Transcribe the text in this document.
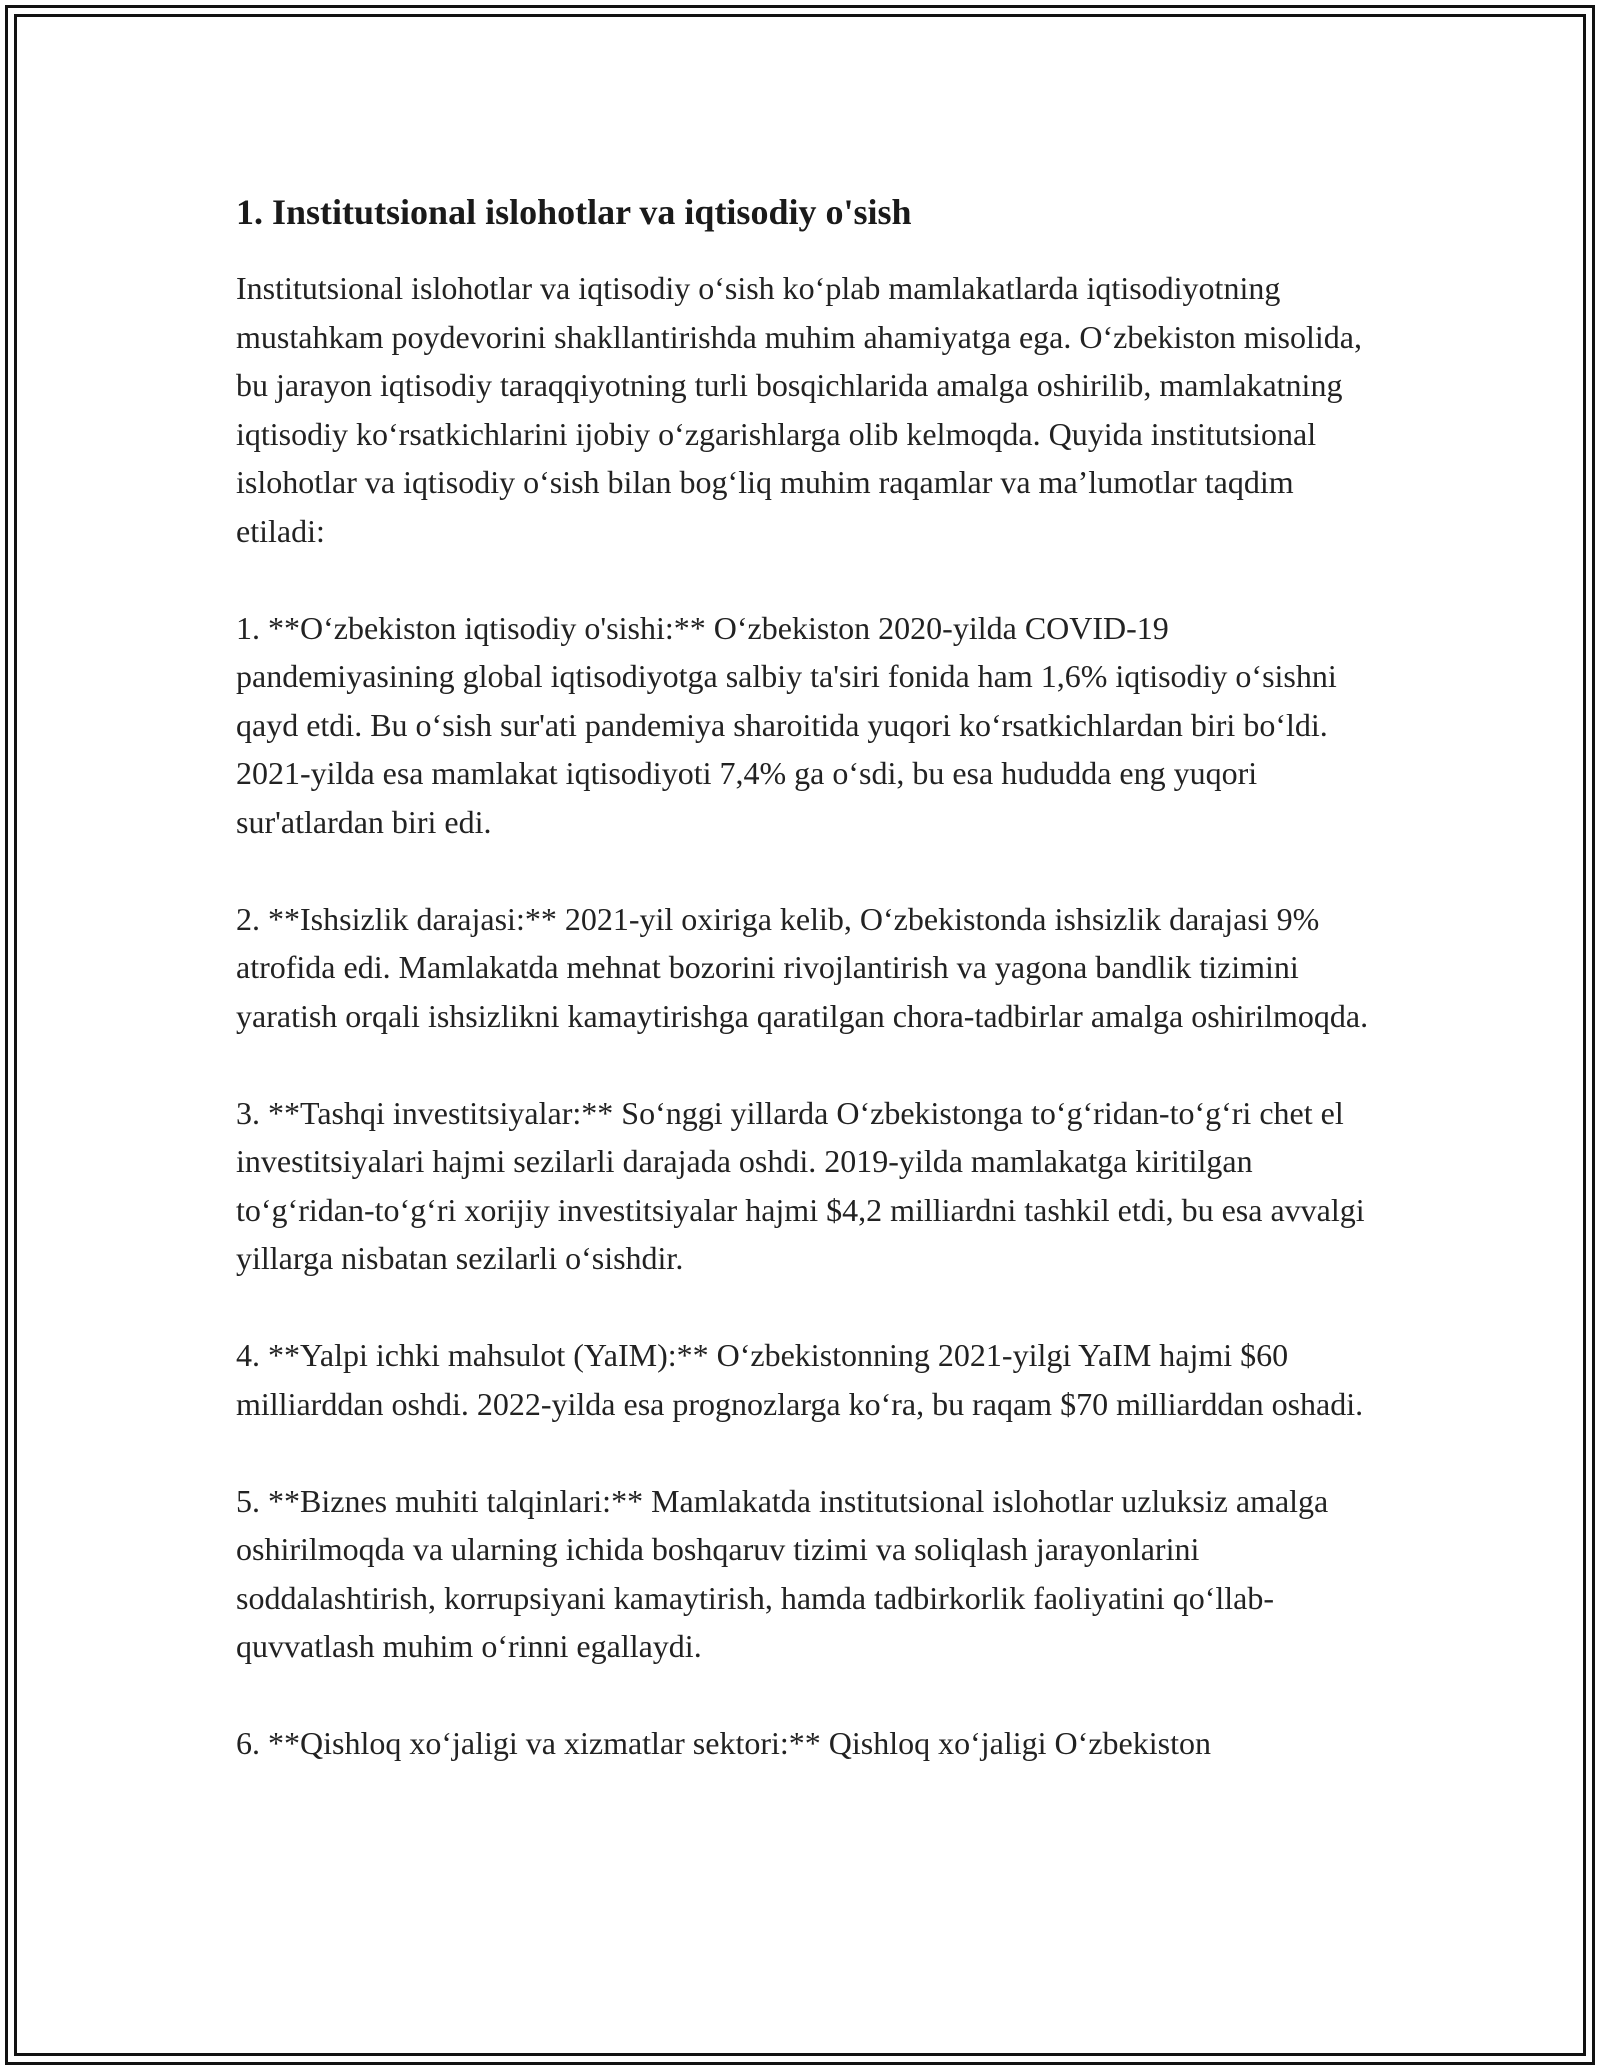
1. Institutsional islohotlar va iqtisodiy o'sish

Institutsional islohotlar va iqtisodiy o‘sish ko‘plab mamlakatlarda iqtisodiyotning mustahkam poydevorini shakllantirishda muhim ahamiyatga ega. O‘zbekiston misolida, bu jarayon iqtisodiy taraqqiyotning turli bosqichlarida amalga oshirilib, mamlakatning iqtisodiy ko‘rsatkichlarini ijobiy o‘zgarishlarga olib kelmoqda. Quyida institutsional islohotlar va iqtisodiy o‘sish bilan bog‘liq muhim raqamlar va ma’lumotlar taqdim etiladi:

1. **O‘zbekiston iqtisodiy o'sishi:** O‘zbekiston 2020-yilda COVID-19 pandemiyasining global iqtisodiyotga salbiy ta'siri fonida ham 1,6% iqtisodiy o‘sishni qayd etdi. Bu o‘sish sur'ati pandemiya sharoitida yuqori ko‘rsatkichlardan biri bo‘ldi. 2021-yilda esa mamlakat iqtisodiyoti 7,4% ga o‘sdi, bu esa hududda eng yuqori sur'atlardan biri edi.

2. **Ishsizlik darajasi:** 2021-yil oxiriga kelib, O‘zbekistonda ishsizlik darajasi 9% atrofida edi. Mamlakatda mehnat bozorini rivojlantirish va yagona bandlik tizimini yaratish orqali ishsizlikni kamaytirishga qaratilgan chora-tadbirlar amalga oshirilmoqda.

3. **Tashqi investitsiyalar:** So‘nggi yillarda O‘zbekistonga to‘g‘ridan-to‘g‘ri chet el investitsiyalari hajmi sezilarli darajada oshdi. 2019-yilda mamlakatga kiritilgan to‘g‘ridan-to‘g‘ri xorijiy investitsiyalar hajmi $4,2 milliardni tashkil etdi, bu esa avvalgi yillarga nisbatan sezilarli o‘sishdir.

4. **Yalpi ichki mahsulot (YaIM):** O‘zbekistonning 2021-yilgi YaIM hajmi $60 milliarddan oshdi. 2022-yilda esa prognozlarga ko‘ra, bu raqam $70 milliarddan oshadi.

5. **Biznes muhiti talqinlari:** Mamlakatda institutsional islohotlar uzluksiz amalga oshirilmoqda va ularning ichida boshqaruv tizimi va soliqlash jarayonlarini soddalashtirish, korrupsiyani kamaytirish, hamda tadbirkorlik faoliyatini qo‘llab-quvvatlash muhim o‘rinni egallaydi.

6. **Qishloq xo‘jaligi va xizmatlar sektori:** Qishloq xo‘jaligi O‘zbekiston
